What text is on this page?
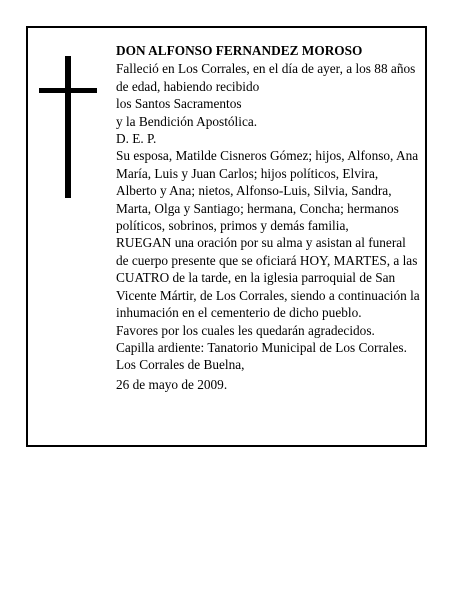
DON ALFONSO FERNANDEZ MOROSO

Falleció en Los Corrales, en el día de ayer, a los 88 años

de edad, habiendo recibido

los Santos Sacramentos

y la Bendición Apostólica.

D. E. P.

Su esposa, Matilde Cisneros Gómez; hijos, Alfonso, Ana María, Luis y Juan Carlos; hijos políticos, Elvira, Alberto y Ana; nietos, Alfonso-Luis, Silvia, Sandra, Marta, Olga y Santiago; hermana, Concha; hermanos políticos, sobrinos, primos y demás familia,

RUEGAN una oración por su alma y asistan al funeral de cuerpo presente que se oficiará HOY, MARTES, a las CUATRO de la tarde, en la iglesia parroquial de San Vicente Mártir, de Los Corrales, siendo a continuación la inhumación en el cementerio de dicho pueblo.

Favores por los cuales les quedarán agradecidos.

Capilla ardiente: Tanatorio Municipal de Los Corrales.

Los Corrales de Buelna,

26 de mayo de 2009.
